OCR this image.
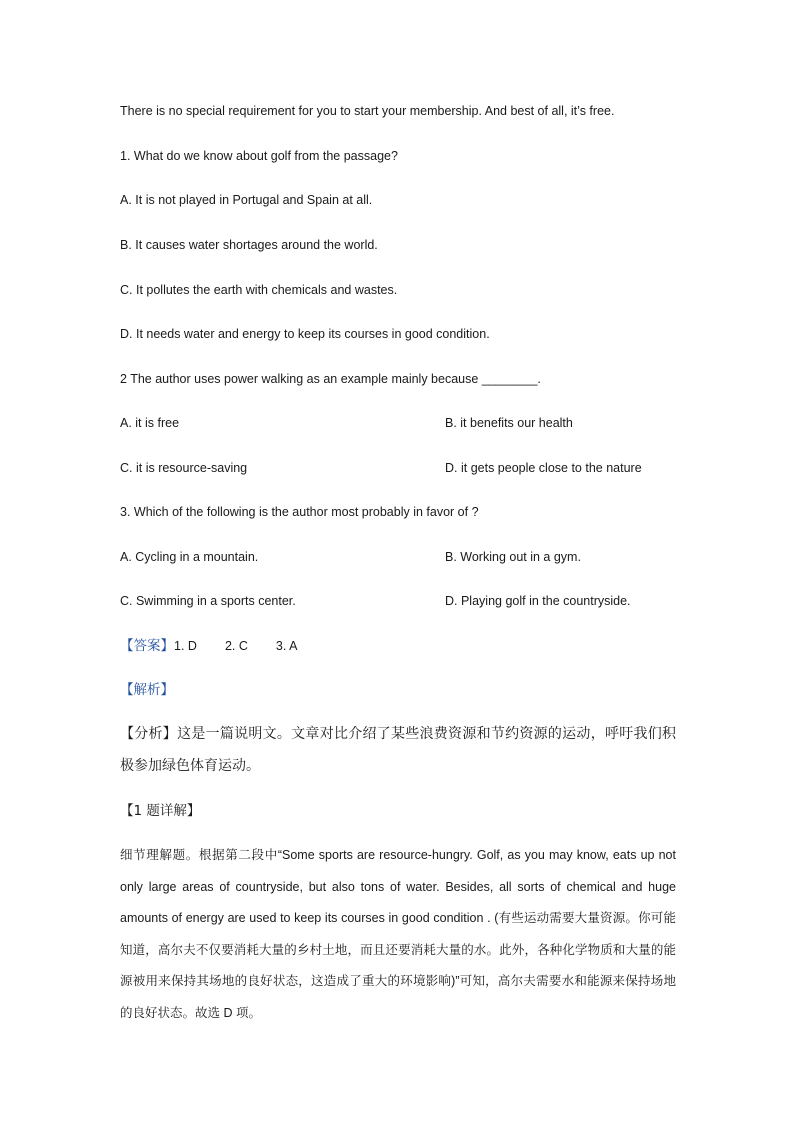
There is no special requirement for you to start your membership. And best of all, it’s free.
1. What do we know about golf from the passage?
A. It is not played in Portugal and Spain at all.
B. It causes water shortages around the world.
C. It pollutes the earth with chemicals and wastes.
D. It needs water and energy to keep its courses in good condition.
2 The author uses power walking as an example mainly because ________.
A. it is free	B. it benefits our health
C. it is resource-saving	D. it gets people close to the nature
3. Which of the following is the author most probably in favor of ?
A. Cycling in a mountain.	B. Working out in a gym.
C. Swimming in a sports center.	D. Playing golf in the countryside.
【答案】1. D 2. C 3. A
【解析】

【分析】这是一篇说明文。文章对比介绍了某些浪费资源和节约资源的运动，呼吁我们积极参加绿色体育运动。

【1 题详解】

细节理解题。根据第二段中“Some sports are resource-hungry. Golf, as you may know, eats up not only large areas of countryside, but also tons of water. Besides, all sorts of chemical and huge amounts of energy are used to keep its courses in good condition . (有些运动需要大量资源。你可能知道，高尔夫不仅要消耗大量的乡村土地，而且还要消耗大量的水。此外，各种化学物质和大量的能源被用来保持其场地的良好状态，这造成了重大的环境影响)”可知，高尔夫需要水和能源来保持场地的良好状态。故选 D 项。
